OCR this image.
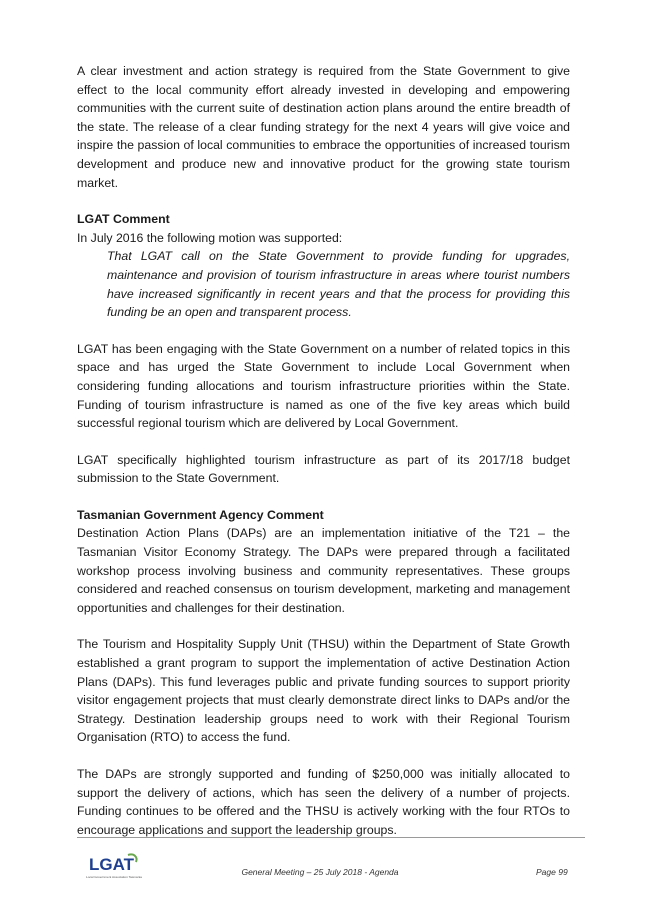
A clear investment and action strategy is required from the State Government to give effect to the local community effort already invested in developing and empowering communities with the current suite of destination action plans around the entire breadth of the state. The release of a clear funding strategy for the next 4 years will give voice and inspire the passion of local communities to embrace the opportunities of increased tourism development and produce new and innovative product for the growing state tourism market.

LGAT Comment

In July 2016 the following motion was supported:

That LGAT call on the State Government to provide funding for upgrades, maintenance and provision of tourism infrastructure in areas where tourist numbers have increased significantly in recent years and that the process for providing this funding be an open and transparent process.

LGAT has been engaging with the State Government on a number of related topics in this space and has urged the State Government to include Local Government when considering funding allocations and tourism infrastructure priorities within the State. Funding of tourism infrastructure is named as one of the five key areas which build successful regional tourism which are delivered by Local Government.

LGAT specifically highlighted tourism infrastructure as part of its 2017/18 budget submission to the State Government.

Tasmanian Government Agency Comment

Destination Action Plans (DAPs) are an implementation initiative of the T21 – the Tasmanian Visitor Economy Strategy. The DAPs were prepared through a facilitated workshop process involving business and community representatives. These groups considered and reached consensus on tourism development, marketing and management opportunities and challenges for their destination.

The Tourism and Hospitality Supply Unit (THSU) within the Department of State Growth established a grant program to support the implementation of active Destination Action Plans (DAPs). This fund leverages public and private funding sources to support priority visitor engagement projects that must clearly demonstrate direct links to DAPs and/or the Strategy. Destination leadership groups need to work with their Regional Tourism Organisation (RTO) to access the fund.

The DAPs are strongly supported and funding of $250,000 was initially allocated to support the delivery of actions, which has seen the delivery of a number of projects. Funding continues to be offered and the THSU is actively working with the four RTOs to encourage applications and support the leadership groups.

LGAT
Local Government Association Tasmania	General Meeting – 25 July 2018 - Agenda	Page 99
